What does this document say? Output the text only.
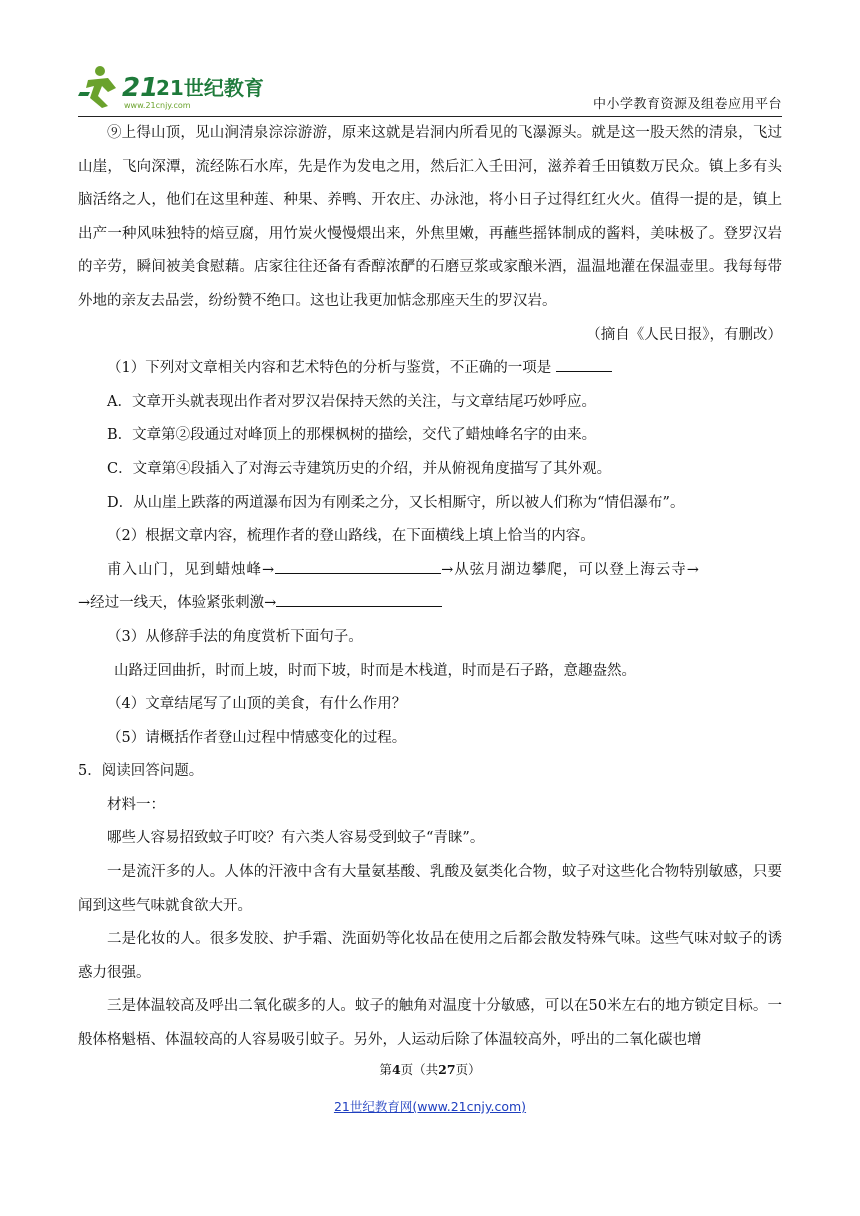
21
21世纪教育
www.21cnjy.com	中小学教育资源及组卷应用平台

⑨上得山顶，见山涧清泉淙淙游游，原来这就是岩洞内所看见的飞瀑源头。就是这一股天然的清泉，飞过山崖，飞向深潭，流经陈石水库，先是作为发电之用，然后汇入壬田河，滋养着壬田镇数万民众。镇上多有头脑活络之人，他们在这里种莲、种果、养鸭、开农庄、办泳池，将小日子过得红红火火。值得一提的是，镇上出产一种风味独特的焙豆腐，用竹炭火慢慢煨出来，外焦里嫩，再蘸些摇钵制成的酱料，美味极了。登罗汉岩的辛劳，瞬间被美食慰藉。店家往往还备有香醇浓酽的石磨豆浆或家酿米酒，温温地灌在保温壶里。我每每带外地的亲友去品尝，纷纷赞不绝口。这也让我更加惦念那座天生的罗汉岩。

（摘自《人民日报》，有删改）

（1）下列对文章相关内容和艺术特色的分析与鉴赏，不正确的一项是

A．文章开头就表现出作者对罗汉岩保持天然的关注，与文章结尾巧妙呼应。

B．文章第②段通过对峰顶上的那棵枫树的描绘，交代了蜡烛峰名字的由来。

C．文章第④段插入了对海云寺建筑历史的介绍，并从俯视角度描写了其外观。

D．从山崖上跌落的两道瀑布因为有刚柔之分，又长相厮守，所以被人们称为“情侣瀑布”。

（2）根据文章内容，梳理作者的登山路线，在下面横线上填上恰当的内容。

甫入山门，见到蜡烛峰→	→从弦月湖边攀爬，可以登上海云寺→

→经过一线天，体验紧张刺激→

（3）从修辞手法的角度赏析下面句子。

山路迂回曲折，时而上坡，时而下坡，时而是木栈道，时而是石子路，意趣盎然。

（4）文章结尾写了山顶的美食，有什么作用？

（5）请概括作者登山过程中情感变化的过程。

5．阅读回答问题。

材料一：

哪些人容易招致蚊子叮咬？有六类人容易受到蚊子“青睐”。

一是流汗多的人。人体的汗液中含有大量氨基酸、乳酸及氨类化合物，蚊子对这些化合物特别敏感，只要闻到这些气味就食欲大开。

二是化妆的人。很多发胶、护手霜、洗面奶等化妆品在使用之后都会散发特殊气味。这些气味对蚊子的诱惑力很强。

三是体温较高及呼出二氧化碳多的人。蚊子的触角对温度十分敏感，可以在50米左右的地方锁定目标。一般体格魁梧、体温较高的人容易吸引蚊子。另外，人运动后除了体温较高外，呼出的二氧化碳也增

第4页（共27页）
21世纪教育网(www.21cnjy.com)
